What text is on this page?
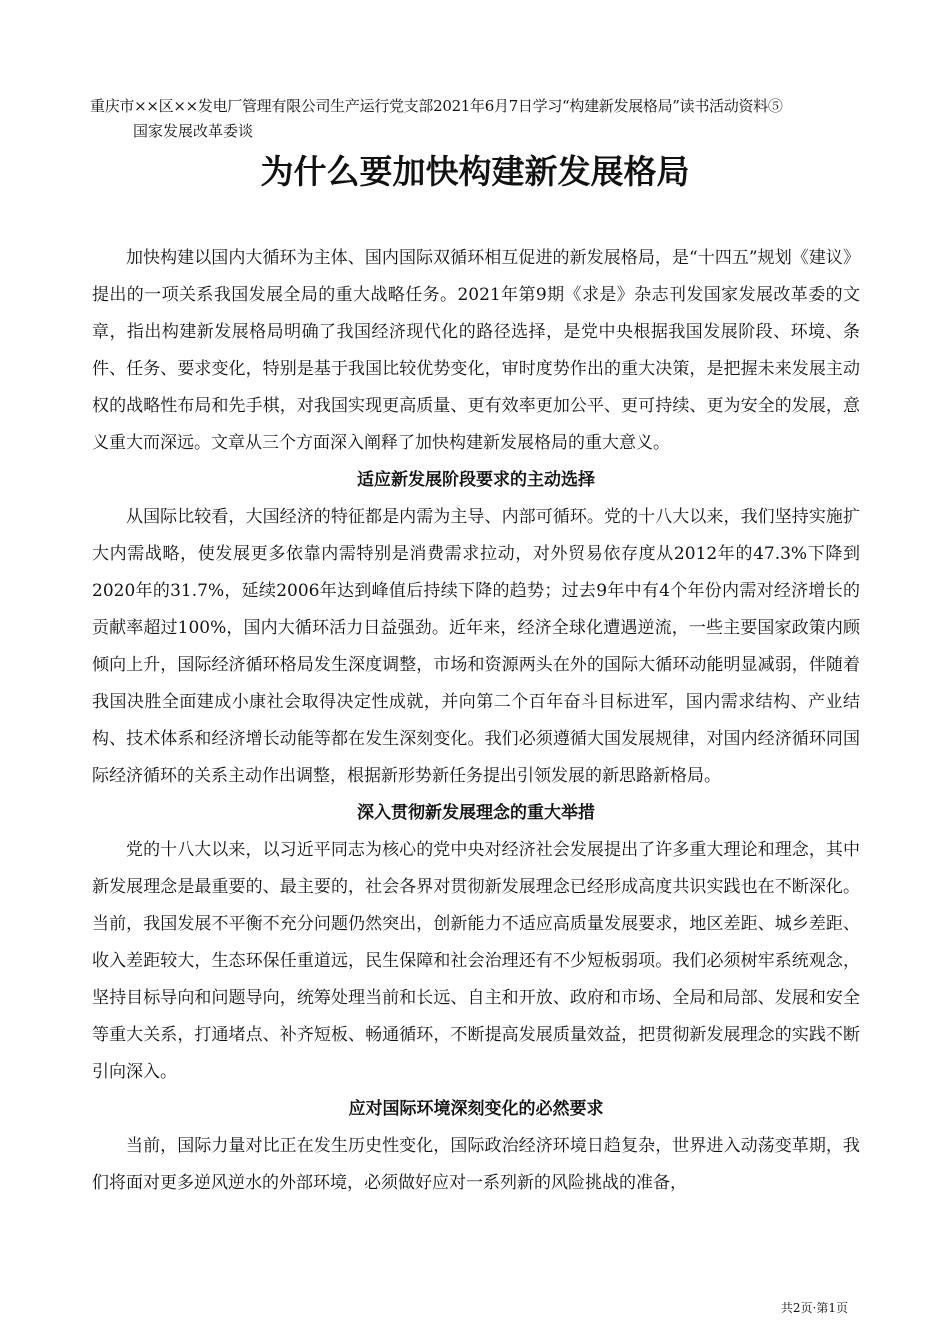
重庆市××区××发电厂管理有限公司生产运行党支部2021年6月7日学习“构建新发展格局”读书活动资料⑤
国家发展改革委谈
为什么要加快构建新发展格局

加快构建以国内大循环为主体、国内国际双循环相互促进的新发展格局，是“十四五”规划《建议》提出的一项关系我国发展全局的重大战略任务。2021年第9期《求是》杂志刊发国家发展改革委的文章，指出构建新发展格局明确了我国经济现代化的路径选择，是党中央根据我国发展阶段、环境、条件、任务、要求变化，特别是基于我国比较优势变化，审时度势作出的重大决策，是把握未来发展主动权的战略性布局和先手棋，对我国实现更高质量、更有效率更加公平、更可持续、更为安全的发展，意义重大而深远。文章从三个方面深入阐释了加快构建新发展格局的重大意义。

适应新发展阶段要求的主动选择

从国际比较看，大国经济的特征都是内需为主导、内部可循环。党的十八大以来，我们坚持实施扩大内需战略，使发展更多依靠内需特别是消费需求拉动，对外贸易依存度从2012年的47.3%下降到2020年的31.7%，延续2006年达到峰值后持续下降的趋势；过去9年中有4个年份内需对经济增长的贡献率超过100%，国内大循环活力日益强劲。近年来，经济全球化遭遇逆流，一些主要国家政策内顾倾向上升，国际经济循环格局发生深度调整，市场和资源两头在外的国际大循环动能明显减弱，伴随着我国决胜全面建成小康社会取得决定性成就，并向第二个百年奋斗目标进军，国内需求结构、产业结构、技术体系和经济增长动能等都在发生深刻变化。我们必须遵循大国发展规律，对国内经济循环同国际经济循环的关系主动作出调整，根据新形势新任务提出引领发展的新思路新格局。

深入贯彻新发展理念的重大举措

党的十八大以来，以习近平同志为核心的党中央对经济社会发展提出了许多重大理论和理念，其中新发展理念是最重要的、最主要的，社会各界对贯彻新发展理念已经形成高度共识实践也在不断深化。当前，我国发展不平衡不充分问题仍然突出，创新能力不适应高质量发展要求，地区差距、城乡差距、收入差距较大，生态环保任重道远，民生保障和社会治理还有不少短板弱项。我们必须树牢系统观念，坚持目标导向和问题导向，统筹处理当前和长远、自主和开放、政府和市场、全局和局部、发展和安全等重大关系，打通堵点、补齐短板、畅通循环，不断提高发展质量效益，把贯彻新发展理念的实践不断引向深入。

应对国际环境深刻变化的必然要求

当前，国际力量对比正在发生历史性变化，国际政治经济环境日趋复杂，世界进入动荡变革期，我们将面对更多逆风逆水的外部环境，必须做好应对一系列新的风险挑战的准备，

共2页·第1页
